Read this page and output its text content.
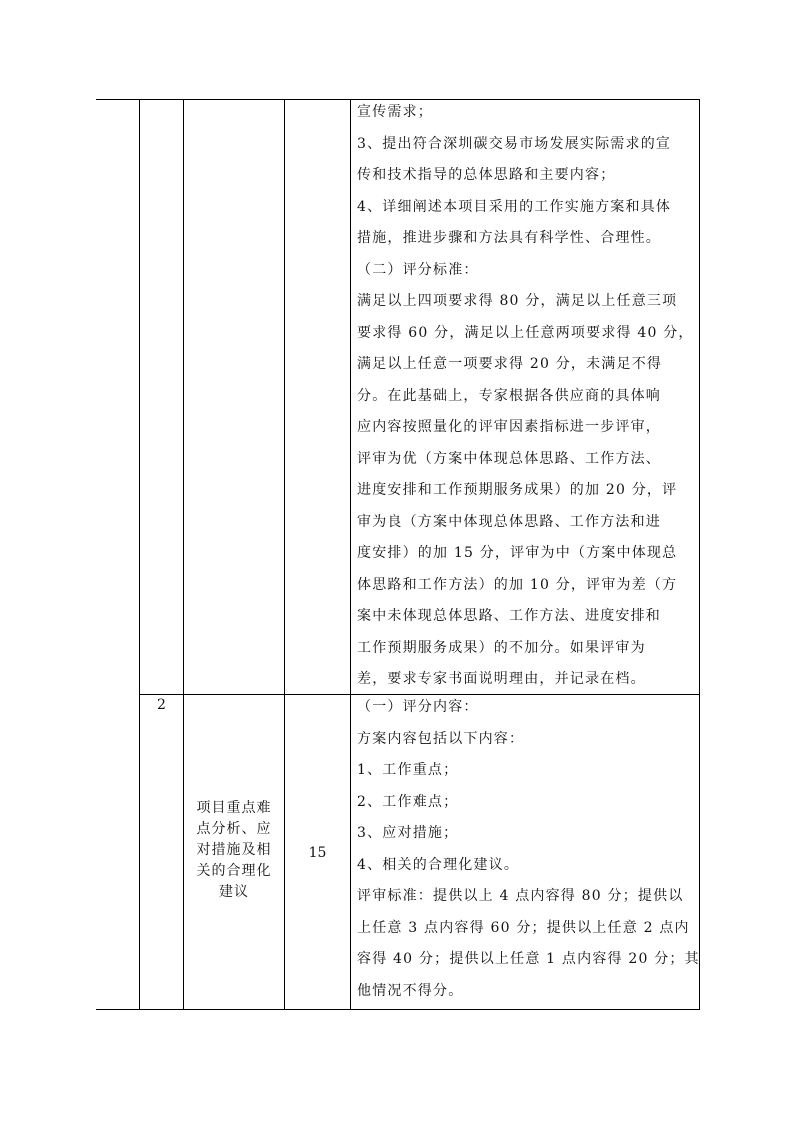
宣传需求；
3、提出符合深圳碳交易市场发展实际需求的宣
传和技术指导的总体思路和主要内容；
4、详细阐述本项目采用的工作实施方案和具体
措施，推进步骤和方法具有科学性、合理性。
（二）评分标准：
满足以上四项要求得 80 分，满足以上任意三项
要求得 60 分，满足以上任意两项要求得 40 分，
满足以上任意一项要求得 20 分，未满足不得
分。在此基础上，专家根据各供应商的具体响
应内容按照量化的评审因素指标进一步评审，
评审为优（方案中体现总体思路、工作方法、
进度安排和工作预期服务成果）的加 20 分，评
审为良（方案中体现总体思路、工作方法和进
度安排）的加 15 分，评审为中（方案中体现总
体思路和工作方法）的加 10 分，评审为差（方
案中未体现总体思路、工作方法、进度安排和
工作预期服务成果）的不加分。如果评审为
差，要求专家书面说明理由，并记录在档。
2
项目重点难
点分析、应
对措施及相
关的合理化
建议
15
（一）评分内容：
方案内容包括以下内容：
1、工作重点；
2、工作难点；
3、应对措施；
4、相关的合理化建议。
评审标准：提供以上 4 点内容得 80 分；提供以
上任意 3 点内容得 60 分；提供以上任意 2 点内
容得 40 分；提供以上任意 1 点内容得 20 分；其
他情况不得分。
